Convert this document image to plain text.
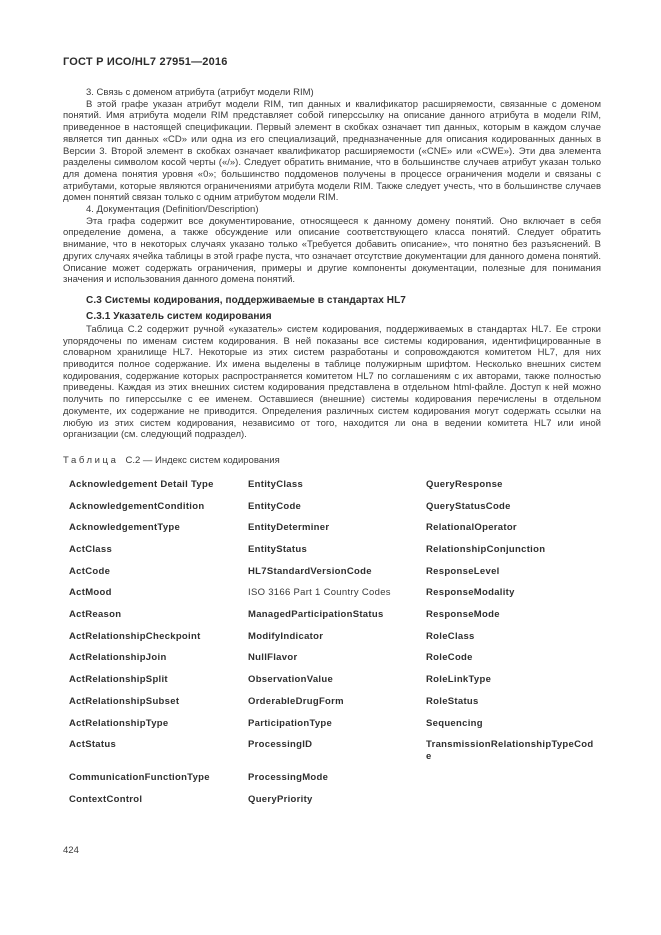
ГОСТ Р ИСО/HL7 27951—2016

3. Связь с доменом атрибута (атрибут модели RIM)

В этой графе указан атрибут модели RIM, тип данных и квалификатор расширяемости, связанные с доменом понятий. Имя атрибута модели RIM представляет собой гиперссылку на описание данного атрибута в модели RIM, приведенное в настоящей спецификации. Первый элемент в скобках означает тип данных, которым в каждом случае является тип данных «CD» или одна из его специализаций, предназначенные для описания кодированных данных в Версии 3. Второй элемент в скобках означает квалификатор расширяемости («CNE» или «CWE»). Эти два элемента разделены символом косой черты («/»). Следует обратить внимание, что в большинстве случаев атрибут указан только для домена понятия уровня «0»; большинство поддоменов получены в процессе ограничения модели и связаны с атрибутами, которые являются ограничениями атрибута модели RIM. Также следует учесть, что в большинстве случаев домен понятий связан только с одним атрибутом модели RIM.

4. Документация (Definition/Description)

Эта графа содержит все документирование, относящееся к данному домену понятий. Оно включает в себя определение домена, а также обсуждение или описание соответствующего класса понятий. Следует обратить внимание, что в некоторых случаях указано только «Требуется добавить описание», что понятно без разъяснений. В других случаях ячейка таблицы в этой графе пуста, что означает отсутствие документации для данного домена понятий. Описание может содержать ограничения, примеры и другие компоненты документации, полезные для понимания значения и использования данного домена понятий.

С.3 Системы кодирования, поддерживаемые в стандартах HL7
С.3.1 Указатель систем кодирования

Таблица С.2 содержит ручной «указатель» систем кодирования, поддерживаемых в стандартах HL7. Ее строки упорядочены по именам систем кодирования. В ней показаны все системы кодирования, идентифицированные в словарном хранилище HL7. Некоторые из этих систем разработаны и сопровождаются комитетом HL7, для них приводится полное содержание. Их имена выделены в таблице полужирным шрифтом. Несколько внешних систем кодирования, содержание которых распространяется комитетом HL7 по соглашениям с их авторами, также полностью приведены. Каждая из этих внешних систем кодирования представлена в отдельном html-файле. Доступ к ней можно получить по гиперссылке с ее именем. Оставшиеся (внешние) системы кодирования перечислены в отдельном документе, их содержание не приводится. Определения различных систем кодирования могут содержать ссылки на любую из этих систем кодирования, независимо от того, находится ли она в ведении комитета HL7 или иной организации (см. следующий подраздел).

Таблица С.2 — Индекс систем кодирования

Acknowledgement Detail Type	EntityClass	QueryResponse
AcknowledgementCondition	EntityCode	QueryStatusCode
AcknowledgementType	EntityDeterminer	RelationalOperator
ActClass	EntityStatus	RelationshipConjunction
ActCode	HL7StandardVersionCode	ResponseLevel
ActMood	ISO 3166 Part 1 Country Codes	ResponseModality
ActReason	ManagedParticipationStatus	ResponseMode
ActRelationshipCheckpoint	ModifyIndicator	RoleClass
ActRelationshipJoin	NullFlavor	RoleCode
ActRelationshipSplit	ObservationValue	RoleLinkType
ActRelationshipSubset	OrderableDrugForm	RoleStatus
ActRelationshipType	ParticipationType	Sequencing
ActStatus	ProcessingID	TransmissionRelationshipTypeCode
CommunicationFunctionType	ProcessingMode	
ContextControl	QueryPriority	
424
